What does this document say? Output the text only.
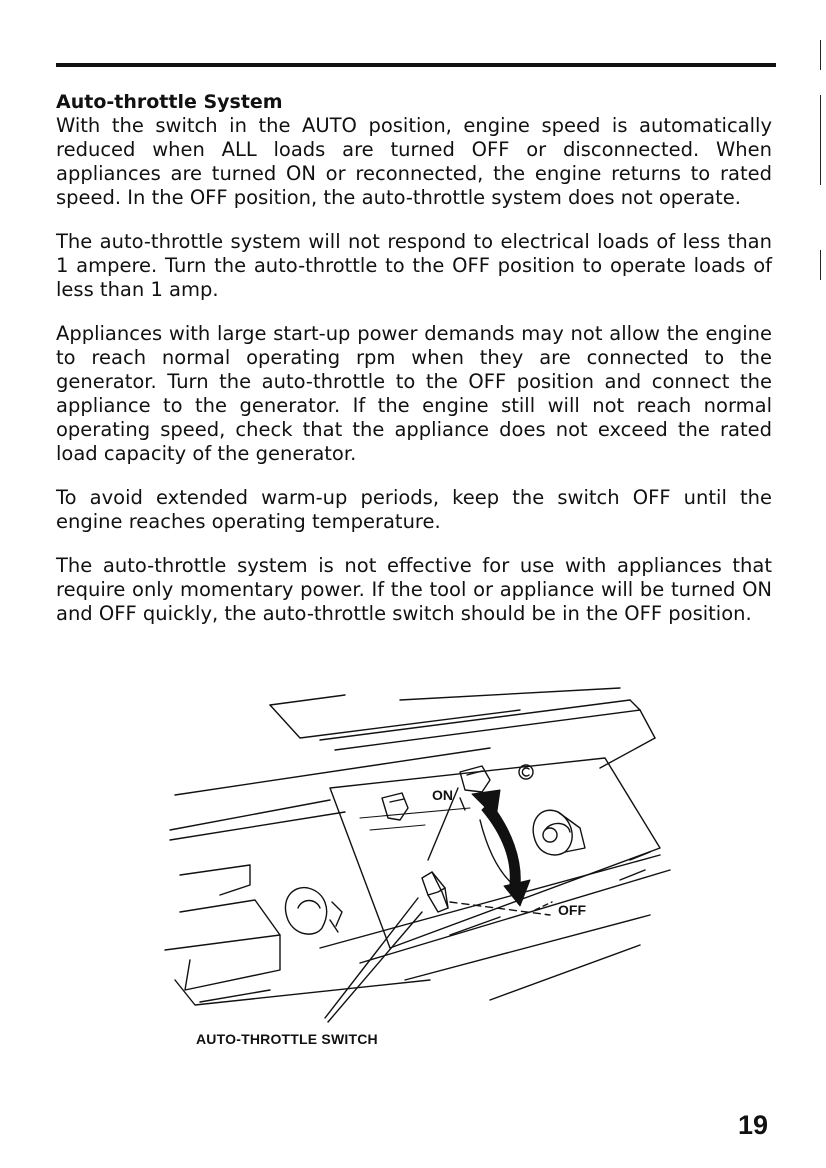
Auto-throttle System

With the switch in the AUTO position, engine speed is automatically reduced when ALL loads are turned OFF or disconnected. When appliances are turned ON or reconnected, the engine returns to rated speed. In the OFF position, the auto-throttle system does not operate.

The auto-throttle system will not respond to electrical loads of less than 1 ampere. Turn the auto-throttle to the OFF position to operate loads of less than 1 amp.

Appliances with large start-up power demands may not allow the engine to reach normal operating rpm when they are connected to the generator. Turn the auto-throttle to the OFF position and connect the appliance to the generator. If the engine still will not reach normal operating speed, check that the appliance does not exceed the rated load capacity of the generator.

To avoid extended warm-up periods, keep the switch OFF until the engine reaches operating temperature.

The auto-throttle system is not effective for use with appliances that require only momentary power. If the tool or appliance will be turned ON and OFF quickly, the auto-throttle switch should be in the OFF position.

ON
OFF
AUTO-THROTTLE SWITCH
19
